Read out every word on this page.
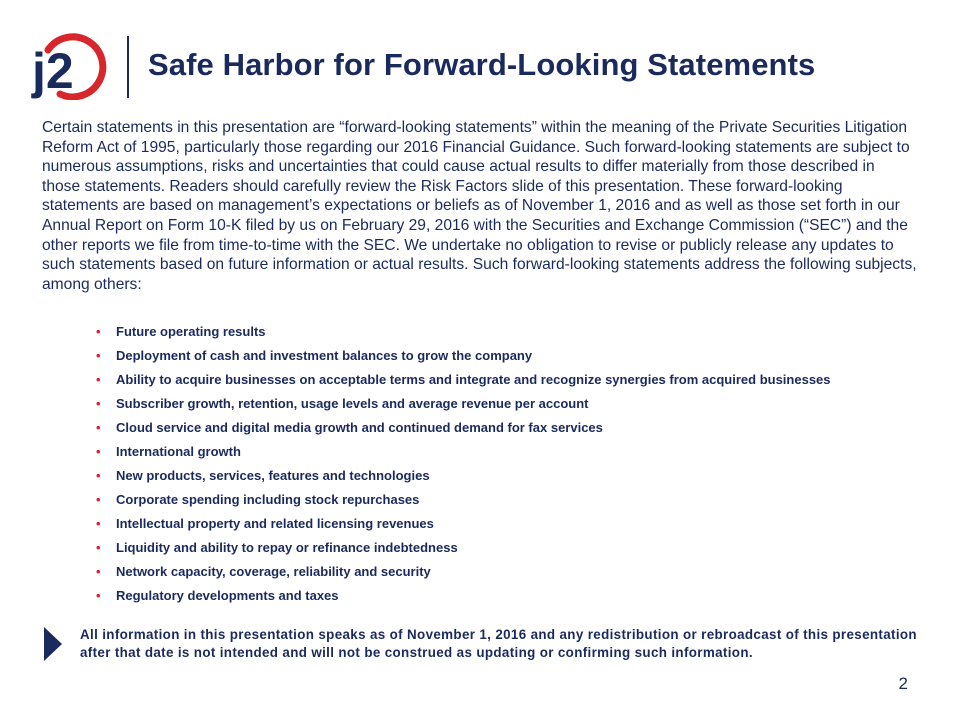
j2 Safe Harbor for Forward-Looking Statements

Certain statements in this presentation are “forward-looking statements” within the meaning of the Private Securities Litigation Reform Act of 1995, particularly those regarding our 2016 Financial Guidance. Such forward-looking statements are subject to numerous assumptions, risks and uncertainties that could cause actual results to differ materially from those described in those statements. Readers should carefully review the Risk Factors slide of this presentation. These forward-looking statements are based on management’s expectations or beliefs as of November 1, 2016 and as well as those set forth in our Annual Report on Form 10-K filed by us on February 29, 2016 with the Securities and Exchange Commission (“SEC”) and the other reports we file from time-to-time with the SEC. We undertake no obligation to revise or publicly release any updates to such statements based on future information or actual results. Such forward-looking statements address the following subjects, among others:

• Future operating results
• Deployment of cash and investment balances to grow the company
• Ability to acquire businesses on acceptable terms and integrate and recognize synergies from acquired businesses
• Subscriber growth, retention, usage levels and average revenue per account
• Cloud service and digital media growth and continued demand for fax services
• International growth
• New products, services, features and technologies
• Corporate spending including stock repurchases
• Intellectual property and related licensing revenues
• Liquidity and ability to repay or refinance indebtedness
• Network capacity, coverage, reliability and security
• Regulatory developments and taxes
All information in this presentation speaks as of November 1, 2016 and any redistribution or rebroadcast of this presentation after that date is not intended and will not be construed as updating or confirming such information.
2
